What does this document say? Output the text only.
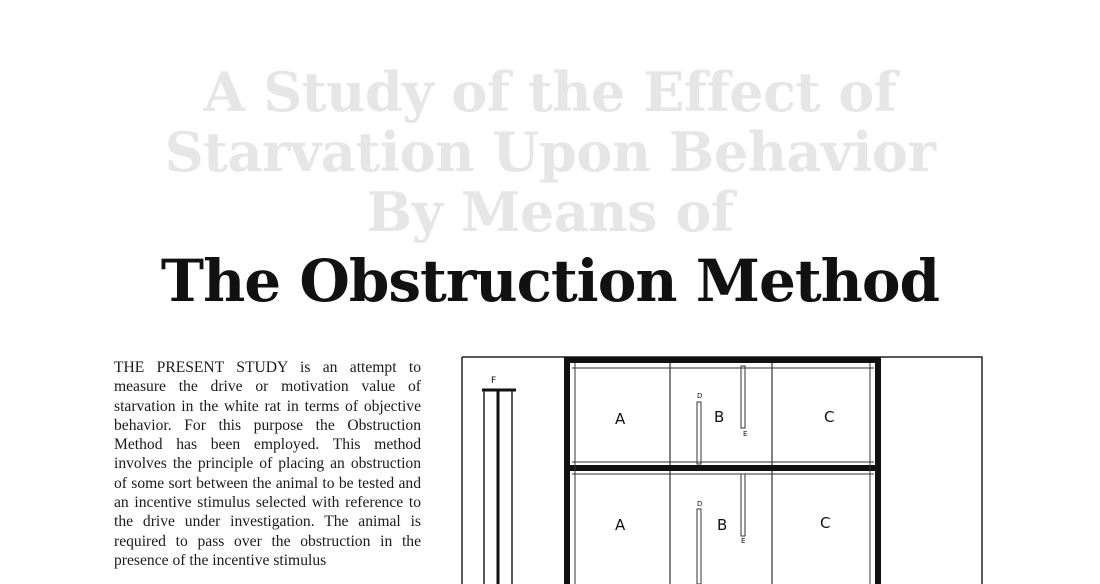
A Study of the Effect of
Starvation Upon Behavior
By Means of
The Obstruction Method

THE PRESENT STUDY is an attempt to measure the drive or motivation value of starvation in the white rat in terms of objective behavior. For this purpose the Obstruction Method has been employed. This method involves the principle of placing an obstruction of some sort between the animal to be tested and an incentive stimulus selected with reference to the drive under investigation. The animal is required to pass over the obstruction in the presence of the incentive stimulus

F
A	B	C
D
E
A	B	C
D
E
